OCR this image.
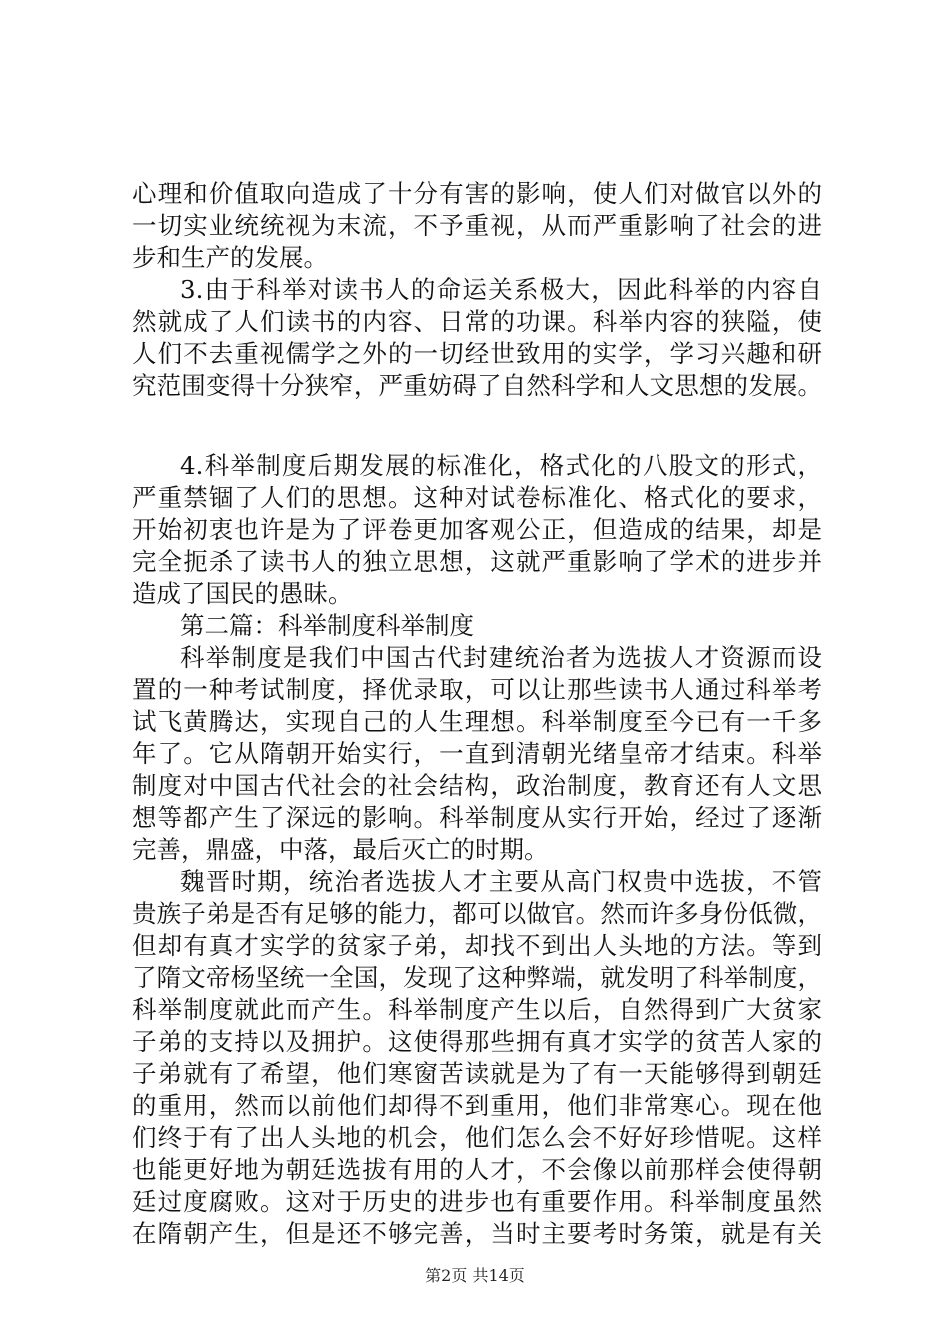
心理和价值取向造成了十分有害的影响，使人们对做官以外的
一切实业统统视为末流，不予重视，从而严重影响了社会的进
步和生产的发展。
3.由于科举对读书人的命运关系极大，因此科举的内容自
然就成了人们读书的内容、日常的功课。科举内容的狭隘，使
人们不去重视儒学之外的一切经世致用的实学，学习兴趣和研
究范围变得十分狭窄，严重妨碍了自然科学和人文思想的发展。
4.科举制度后期发展的标准化，格式化的八股文的形式，
严重禁锢了人们的思想。这种对试卷标准化、格式化的要求，
开始初衷也许是为了评卷更加客观公正，但造成的结果，却是
完全扼杀了读书人的独立思想，这就严重影响了学术的进步并
造成了国民的愚昧。
第二篇：科举制度科举制度
科举制度是我们中国古代封建统治者为选拔人才资源而设
置的一种考试制度，择优录取，可以让那些读书人通过科举考
试飞黄腾达，实现自己的人生理想。科举制度至今已有一千多
年了。它从隋朝开始实行，一直到清朝光绪皇帝才结束。科举
制度对中国古代社会的社会结构，政治制度，教育还有人文思
想等都产生了深远的影响。科举制度从实行开始，经过了逐渐
完善，鼎盛，中落，最后灭亡的时期。
魏晋时期，统治者选拔人才主要从高门权贵中选拔，不管
贵族子弟是否有足够的能力，都可以做官。然而许多身份低微，
但却有真才实学的贫家子弟，却找不到出人头地的方法。等到
了隋文帝杨坚统一全国，发现了这种弊端，就发明了科举制度，
科举制度就此而产生。科举制度产生以后，自然得到广大贫家
子弟的支持以及拥护。这使得那些拥有真才实学的贫苦人家的
子弟就有了希望，他们寒窗苦读就是为了有一天能够得到朝廷
的重用，然而以前他们却得不到重用，他们非常寒心。现在他
们终于有了出人头地的机会，他们怎么会不好好珍惜呢。这样
也能更好地为朝廷选拔有用的人才，不会像以前那样会使得朝
廷过度腐败。这对于历史的进步也有重要作用。科举制度虽然
在隋朝产生，但是还不够完善，当时主要考时务策，就是有关
第2页 共14页
